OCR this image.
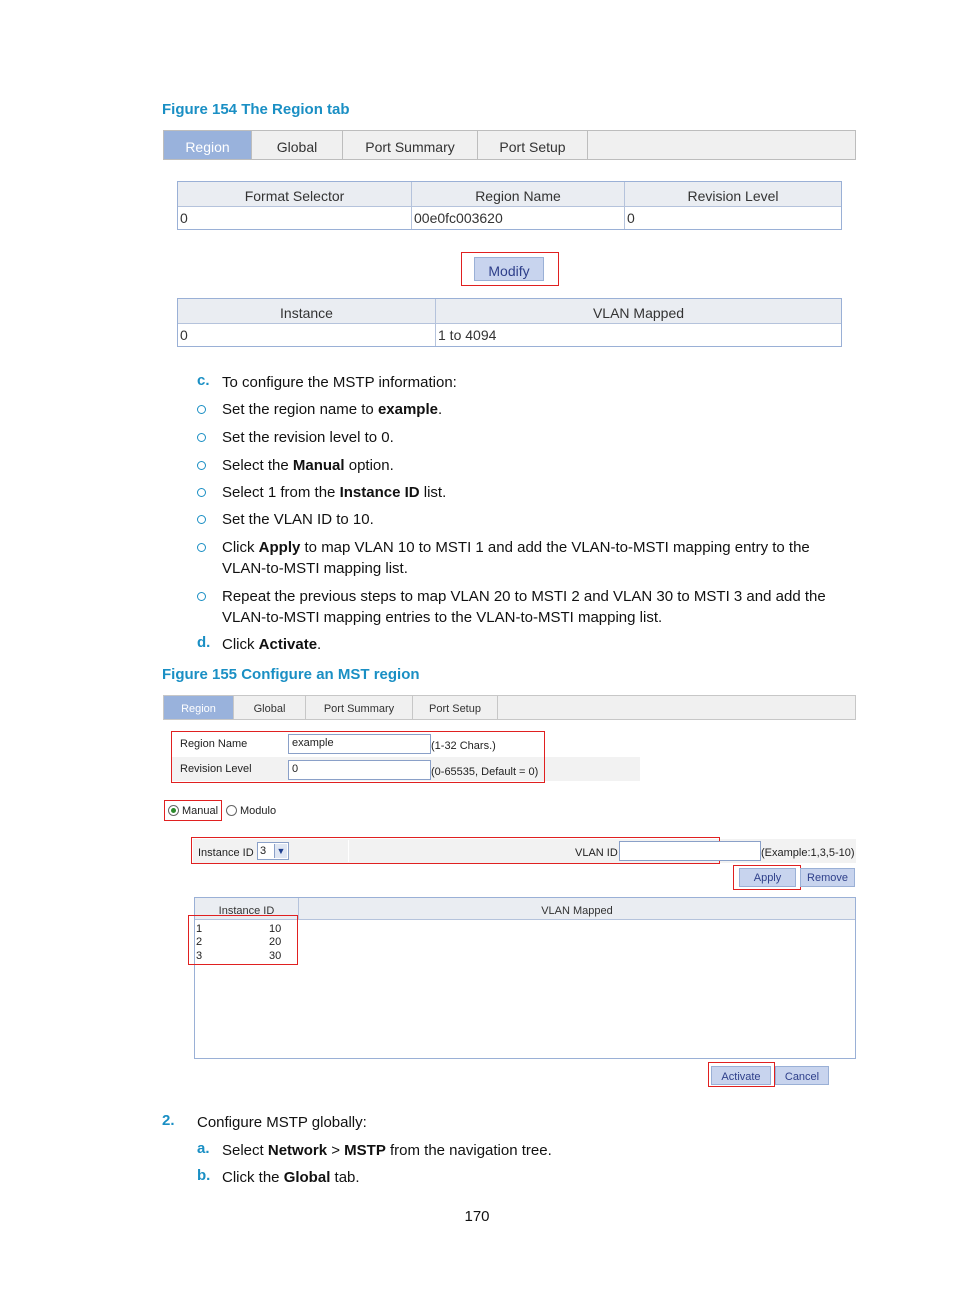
Figure 154 The Region tab
Region	Global	Port Summary	Port Setup
Format Selector	Region Name	Revision Level
0	00e0fc003620	0
Modify
Instance	VLAN Mapped
0	1 to 4094
c. To configure the MSTP information:
Set the region name to example.
Set the revision level to 0.
Select the Manual option.
Select 1 from the Instance ID list.
Set the VLAN ID to 10.
Click Apply to map VLAN 10 to MSTI 1 and add the VLAN-to-MSTI mapping entry to the
VLAN-to-MSTI mapping list.
Repeat the previous steps to map VLAN 20 to MSTI 2 and VLAN 30 to MSTI 3 and add the
VLAN-to-MSTI mapping entries to the VLAN-to-MSTI mapping list.
d. Click Activate.
Figure 155 Configure an MST region
Region	Global	Port Summary	Port Setup
Region Name	example	(1-32 Chars.)
Revision Level	0	(0-65535, Default = 0)
Manual Modulo
Instance ID 3 ▼	VLAN ID	(Example:1,3,5-10)
Apply	Remove
Instance ID	VLAN Mapped
1	10
2	20
3	30
Activate	Cancel
2. Configure MSTP globally:
a. Select Network > MSTP from the navigation tree.
b. Click the Global tab.
170
